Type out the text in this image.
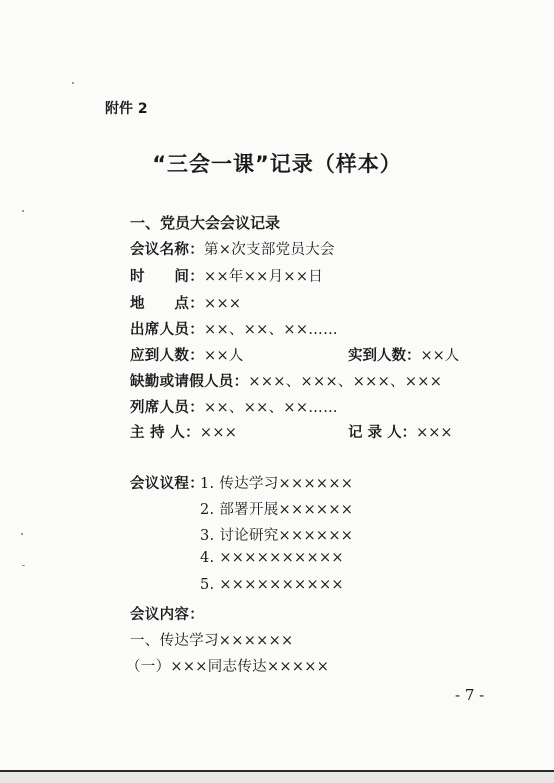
附件 2
“三会一课”记录（样本）
一、党员大会会议记录
会议名称：第×次支部党员大会
时　　间：××年××月××日
地　　点：×××
出席人员：××、××、××……
应到人数：××人	实到人数：××人
缺勤或请假人员：×××、×××、×××、×××
列席人员：××、××、××……
主 持 人：×××	记 录 人：×××
会议议程：
1. 传达学习××××××
2. 部署开展××××××
3. 讨论研究××××××
4. ××××××××××
5. ××××××××××
会议内容：
一、传达学习××××××
（一）×××同志传达×××××
- 7 -
